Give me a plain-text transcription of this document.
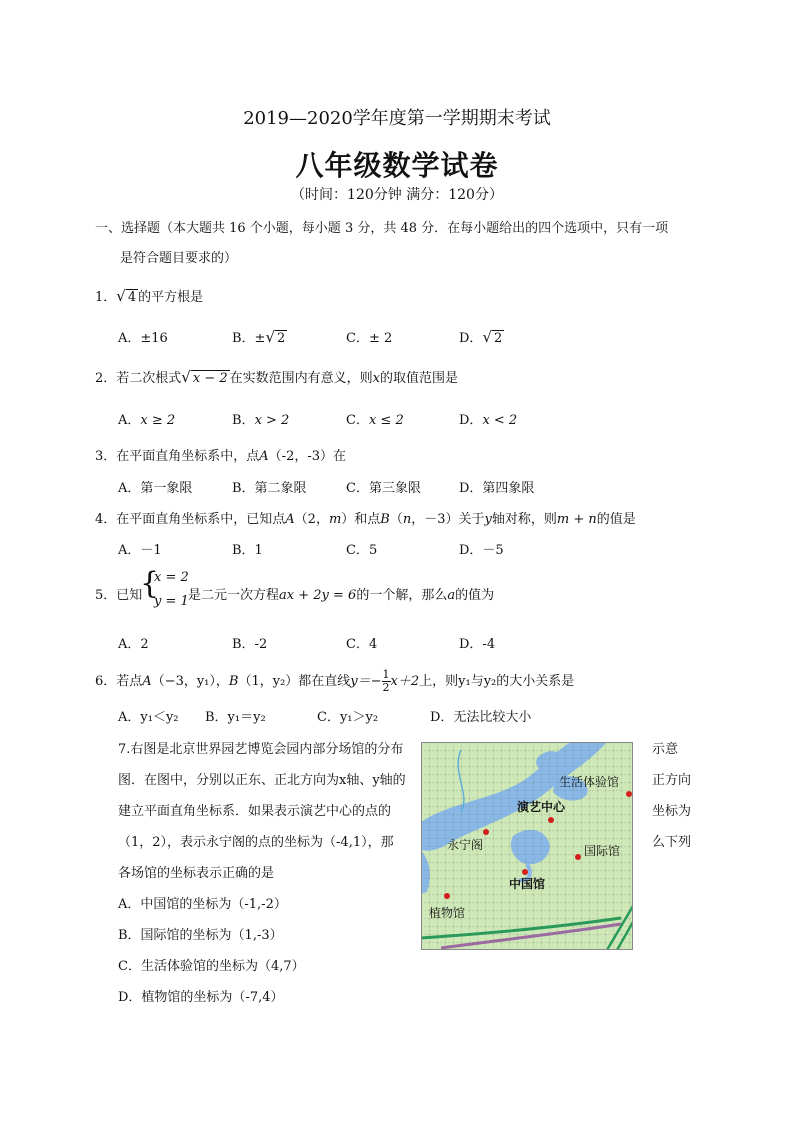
2019—2020学年度第一学期期末考试
八年级数学试卷
（时间：120分钟 满分：120分）
一、选择题（本大题共 16 个小题，每小题 3 分，共 48 分．在每小题给出的四个选项中，只有一项
是符合题目要求的）
1．√ 4 的平方根是
A．±16	B．±√ 2	C．± 2	D．√ 2
2．若二次根式√ x − 2 在实数范围内有意义，则x的取值范围是
A．x ≥ 2	B．x > 2	C．x ≤ 2	D．x < 2
3．在平面直角坐标系中，点A（-2，-3）在
A．第一象限	B．第二象限	C．第三象限	D．第四象限
4．在平面直角坐标系中，已知点A（2，m）和点B（n，－3）关于y轴对称，则m + n的值是
A．－1	B．1	C．5	D．－5
5．已知
{
x = 2
y = 1 是二元一次方程ax + 2y = 6的一个解，那么a的值为
A．2	B．-2	C．4	D．-4
6．若点A（−3，y₁），B（1，y₂）都在直线$y=- \frac{1}{2} x+2$上，则y₁与y₂的大小关系是
A．y₁＜y₂ B．y₁＝y₂	C．y₁＞y₂	D．无法比较大小
7.右图是北京世界园艺博览会园内部分场馆的分布	示意
图．在图中，分别以正东、正北方向为x轴、y轴的	正方向
建立平面直角坐标系．如果表示演艺中心的点的	坐标为
（1，2），表示永宁阁的点的坐标为（-4,1），那	么下列
各场馆的坐标表示正确的是
A．中国馆的坐标为（-1,-2）
B．国际馆的坐标为（1,-3）
C．生活体验馆的坐标为（4,7）
D．植物馆的坐标为（-7,4）
生活体验馆
演艺中心
永宁阁	国际馆
中国馆
植物馆
